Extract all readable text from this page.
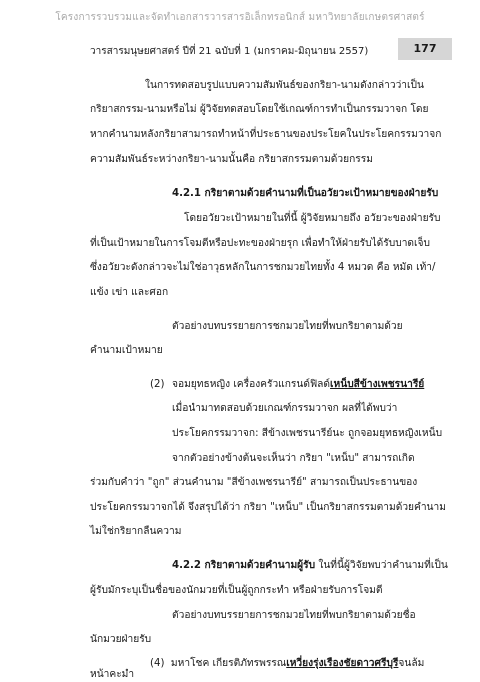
โครงการรวบรวมและจัดทำเอกสารวารสารอิเล็กทรอนิกส์ มหาวิทยาลัยเกษตรศาสตร์
วารสารมนุษยศาสตร์ ปีที่ 21 ฉบับที่ 1 (มกราคม-มิถุนายน 2557)	177
ในการทดสอบรูปแบบความสัมพันธ์ของกริยา-นามดังกล่าวว่าเป็น
กริยาสกรรม-นามหรือไม่ ผู้วิจัยทดสอบโดยใช้เกณฑ์การทำเป็นกรรมวาจก โดย
หากคำนามหลังกริยาสามารถทำหน้าที่ประธานของประโยคในประโยคกรรมวาจก
ความสัมพันธ์ระหว่างกริยา-นามนั้นคือ กริยาสกรรมตามด้วยกรรม
4.2.1 กริยาตามด้วยคำนามที่เป็นอวัยวะเป้าหมายของฝ่ายรับ
โดยอวัยวะเป้าหมายในที่นี้ ผู้วิจัยหมายถึง อวัยวะของฝ่ายรับ
ที่เป็นเป้าหมายในการโจมตีหรือปะทะของฝ่ายรุก เพื่อทำให้ฝ่ายรับได้รับบาดเจ็บ
ซึ่งอวัยวะดังกล่าวจะไม่ใช่อาวุธหลักในการชกมวยไทยทั้ง 4 หมวด คือ หมัด เท้า/
แข้ง เข่า และศอก
ตัวอย่างบทบรรยายการชกมวยไทยที่พบกริยาตามด้วย
คำนามเป้าหมาย
(2) จอมยุทธหญิง เครื่องครัวแกรนด์ฟิลด์เหน็บสีข้างเพชรนารีย์
เมื่อนำมาทดสอบด้วยเกณฑ์กรรมวาจก ผลที่ได้พบว่า
ประโยคกรรมวาจก: สีข้างเพชรนารีย์นะ ถูกจอมยุทธหญิงเหน็บ
จากตัวอย่างข้างต้นจะเห็นว่า กริยา "เหน็บ" สามารถเกิด
ร่วมกับคำว่า "ถูก" ส่วนคำนาม "สีข้างเพชรนารีย์" สามารถเป็นประธานของ
ประโยคกรรมวาจกได้ จึงสรุปได้ว่า กริยา "เหน็บ" เป็นกริยาสกรรมตามด้วยคำนาม
ไม่ใช่กริยากลืนความ
4.2.2 กริยาตามด้วยคำนามผู้รับ ในที่นี้ผู้วิจัยพบว่าคำนามที่เป็น
ผู้รับมักระบุเป็นชื่อของนักมวยที่เป็นผู้ถูกกระทำ หรือฝ่ายรับการโจมตี
ตัวอย่างบทบรรยายการชกมวยไทยที่พบกริยาตามด้วยชื่อ
นักมวยฝ่ายรับ
(4) มหาโชค เกียรติภัทรพรรณเหวี่ยงรุ่งเรืองชัยดาวศรีบุรีจนล้ม
หน้าคะมำ
